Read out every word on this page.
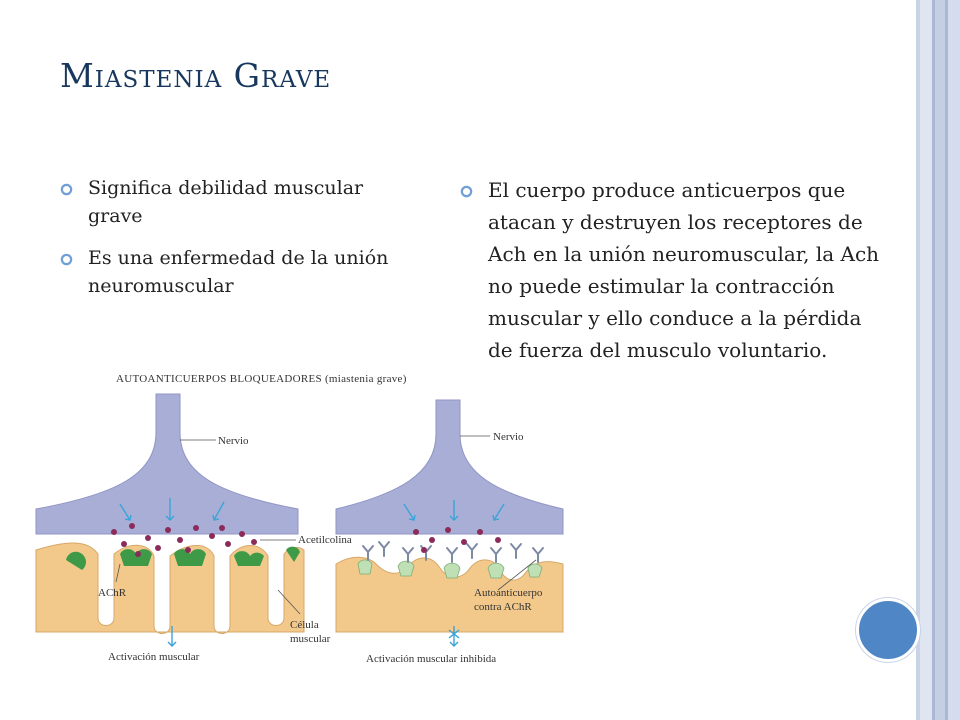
Miastenia Grave
Significa debilidad muscular grave
Es una enfermedad de la unión neuromuscular
AUTOANTICUERPOS BLOQUEADORES (miastenia grave)
Nervio	Nervio
Acetilcolina
AChR
Célula
muscular
Activación muscular
Autoanticuerpo
contra AChR
Activación muscular inhibida
El cuerpo produce anticuerpos que atacan y destruyen los receptores de Ach en la unión neuromuscular, la Ach no puede estimular la contracción muscular y ello conduce a la pérdida de fuerza del musculo voluntario.
